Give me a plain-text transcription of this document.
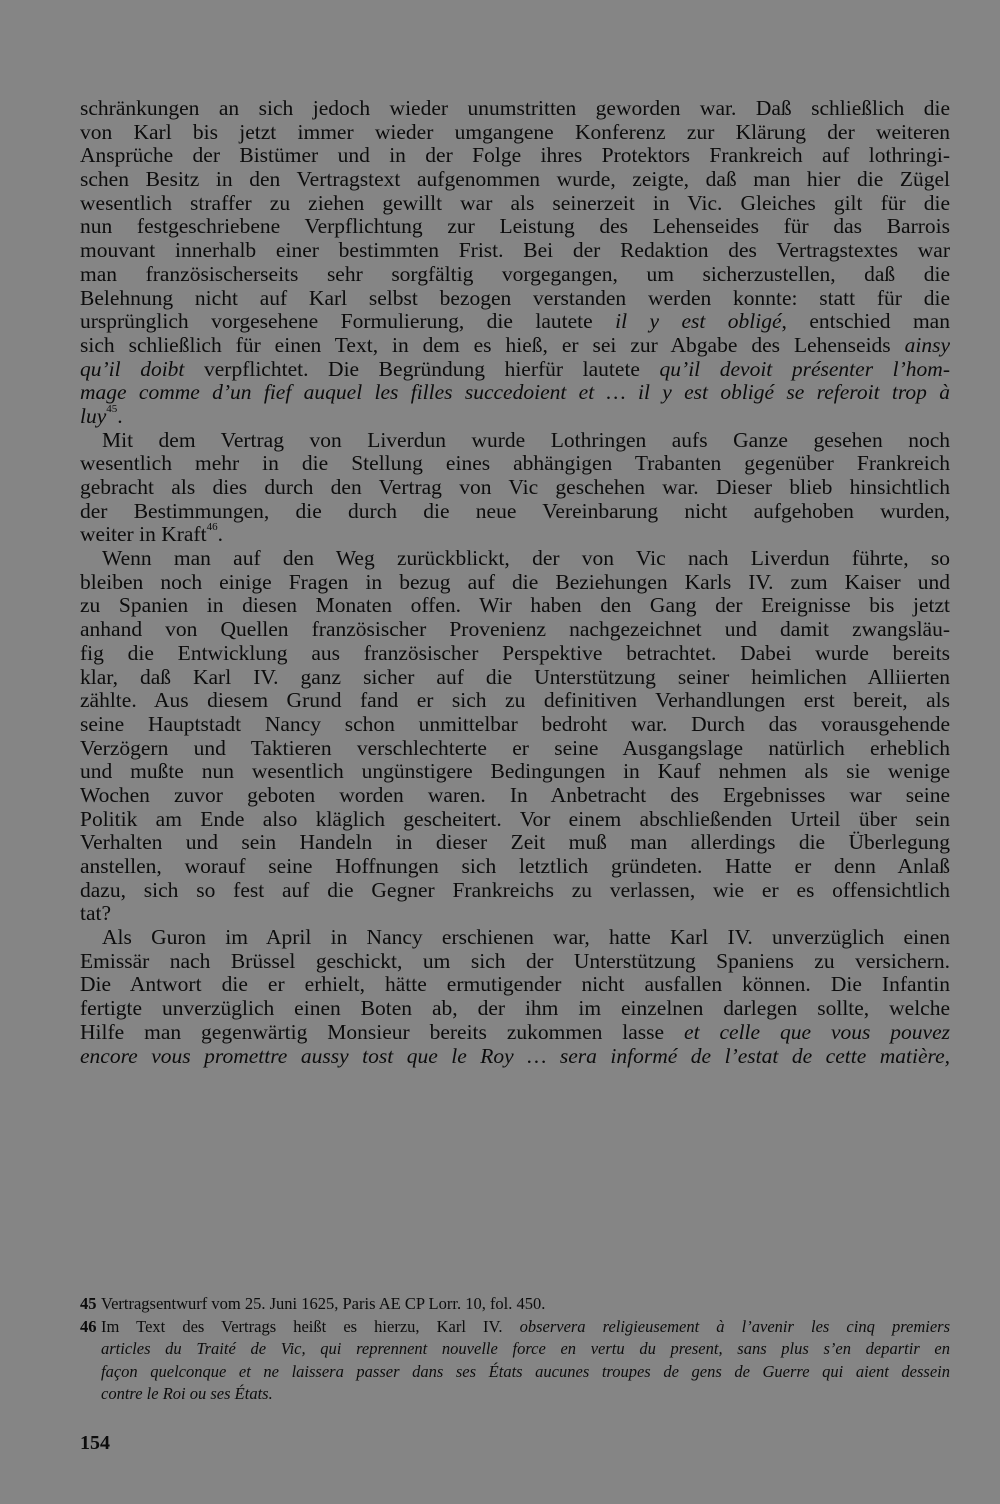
schränkungen an sich jedoch wieder unumstritten geworden war. Daß schließlich die
von Karl bis jetzt immer wieder umgangene Konferenz zur Klärung der weiteren
Ansprüche der Bistümer und in der Folge ihres Protektors Frankreich auf lothringi-
schen Besitz in den Vertragstext aufgenommen wurde, zeigte, daß man hier die Zügel
wesentlich straffer zu ziehen gewillt war als seinerzeit in Vic. Gleiches gilt für die
nun festgeschriebene Verpflichtung zur Leistung des Lehenseides für das Barrois
mouvant innerhalb einer bestimmten Frist. Bei der Redaktion des Vertragstextes war
man französischerseits sehr sorgfältig vorgegangen, um sicherzustellen, daß die
Belehnung nicht auf Karl selbst bezogen verstanden werden konnte: statt für die
ursprünglich vorgesehene Formulierung, die lautete il y est obligé, entschied man
sich schließlich für einen Text, in dem es hieß, er sei zur Abgabe des Lehenseids ainsy
qu’il doibt verpflichtet. Die Begründung hierfür lautete qu’il devoit présenter l’hom-
mage comme d’un fief auquel les filles succedoient et … il y est obligé se referoit trop à
luy$^{45}$.
Mit dem Vertrag von Liverdun wurde Lothringen aufs Ganze gesehen noch
wesentlich mehr in die Stellung eines abhängigen Trabanten gegenüber Frankreich
gebracht als dies durch den Vertrag von Vic geschehen war. Dieser blieb hinsichtlich
der Bestimmungen, die durch die neue Vereinbarung nicht aufgehoben wurden,
weiter in Kraft$^{46}$.
Wenn man auf den Weg zurückblickt, der von Vic nach Liverdun führte, so
bleiben noch einige Fragen in bezug auf die Beziehungen Karls IV. zum Kaiser und
zu Spanien in diesen Monaten offen. Wir haben den Gang der Ereignisse bis jetzt
anhand von Quellen französischer Provenienz nachgezeichnet und damit zwangsläu-
fig die Entwicklung aus französischer Perspektive betrachtet. Dabei wurde bereits
klar, daß Karl IV. ganz sicher auf die Unterstützung seiner heimlichen Alliierten
zählte. Aus diesem Grund fand er sich zu definitiven Verhandlungen erst bereit, als
seine Hauptstadt Nancy schon unmittelbar bedroht war. Durch das vorausgehende
Verzögern und Taktieren verschlechterte er seine Ausgangslage natürlich erheblich
und mußte nun wesentlich ungünstigere Bedingungen in Kauf nehmen als sie wenige
Wochen zuvor geboten worden waren. In Anbetracht des Ergebnisses war seine
Politik am Ende also kläglich gescheitert. Vor einem abschließenden Urteil über sein
Verhalten und sein Handeln in dieser Zeit muß man allerdings die Überlegung
anstellen, worauf seine Hoffnungen sich letztlich gründeten. Hatte er denn Anlaß
dazu, sich so fest auf die Gegner Frankreichs zu verlassen, wie er es offensichtlich
tat?
Als Guron im April in Nancy erschienen war, hatte Karl IV. unverzüglich einen
Emissär nach Brüssel geschickt, um sich der Unterstützung Spaniens zu versichern.
Die Antwort die er erhielt, hätte ermutigender nicht ausfallen können. Die Infantin
fertigte unverzüglich einen Boten ab, der ihm im einzelnen darlegen sollte, welche
Hilfe man gegenwärtig Monsieur bereits zukommen lasse et celle que vous pouvez
encore vous promettre aussy tost que le Roy … sera informé de l’estat de cette matière,
45 Vertragsentwurf vom 25. Juni 1625, Paris AE CP Lorr. 10, fol. 450.
46 Im Text des Vertrags heißt es hierzu, Karl IV. observera religieusement à l’avenir les cinq premiers
articles du Traité de Vic, qui reprennent nouvelle force en vertu du present, sans plus s’en departir en
façon quelconque et ne laissera passer dans ses États aucunes troupes de gens de Guerre qui aient dessein
contre le Roi ou ses États.
154
